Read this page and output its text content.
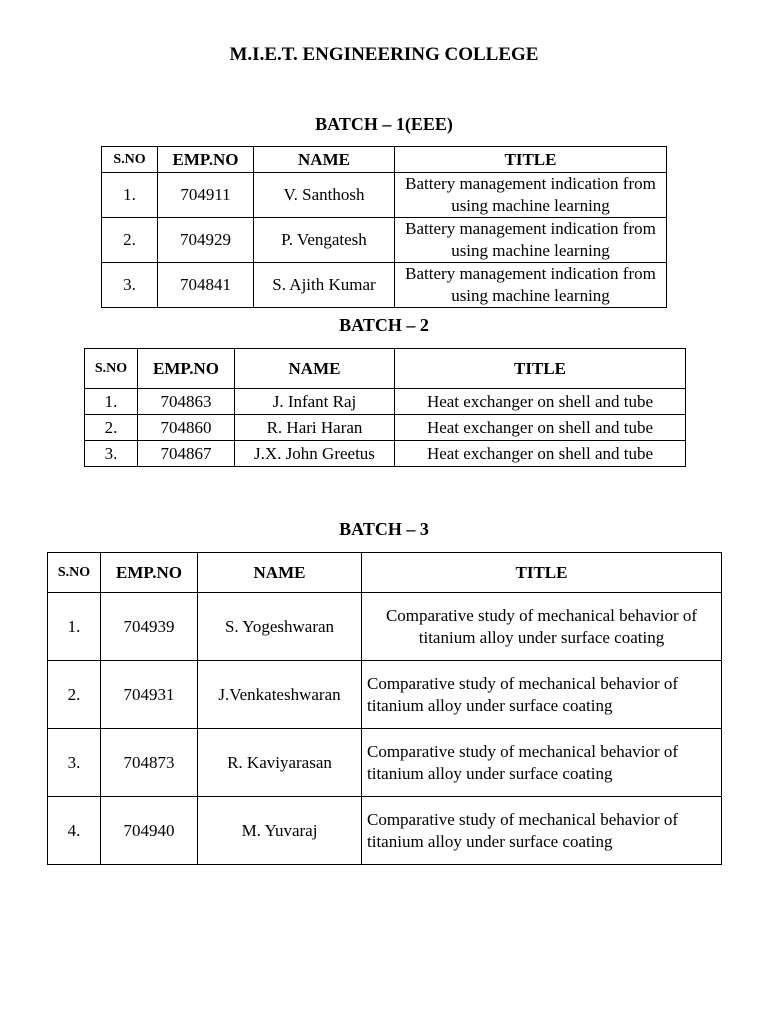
M.I.E.T. ENGINEERING COLLEGE
BATCH – 1(EEE)
S.NO	EMP.NO	NAME	TITLE
1.	704911	V. Santhosh	Battery management indication from using machine learning
2.	704929	P. Vengatesh	Battery management indication from using machine learning
3.	704841	S. Ajith Kumar	Battery management indication from using machine learning
BATCH – 2
S.NO	EMP.NO	NAME	TITLE
1.	704863	J. Infant Raj	Heat exchanger on shell and tube
2.	704860	R. Hari Haran	Heat exchanger on shell and tube
3.	704867	J.X. John Greetus	Heat exchanger on shell and tube
BATCH – 3
S.NO	EMP.NO	NAME	TITLE
1.	704939	S. Yogeshwaran	Comparative study of mechanical behavior of titanium alloy under surface coating
2.	704931	J.Venkateshwaran	Comparative study of mechanical behavior of titanium alloy under surface coating
3.	704873	R. Kaviyarasan	Comparative study of mechanical behavior of titanium alloy under surface coating
4.	704940	M. Yuvaraj	Comparative study of mechanical behavior of titanium alloy under surface coating
